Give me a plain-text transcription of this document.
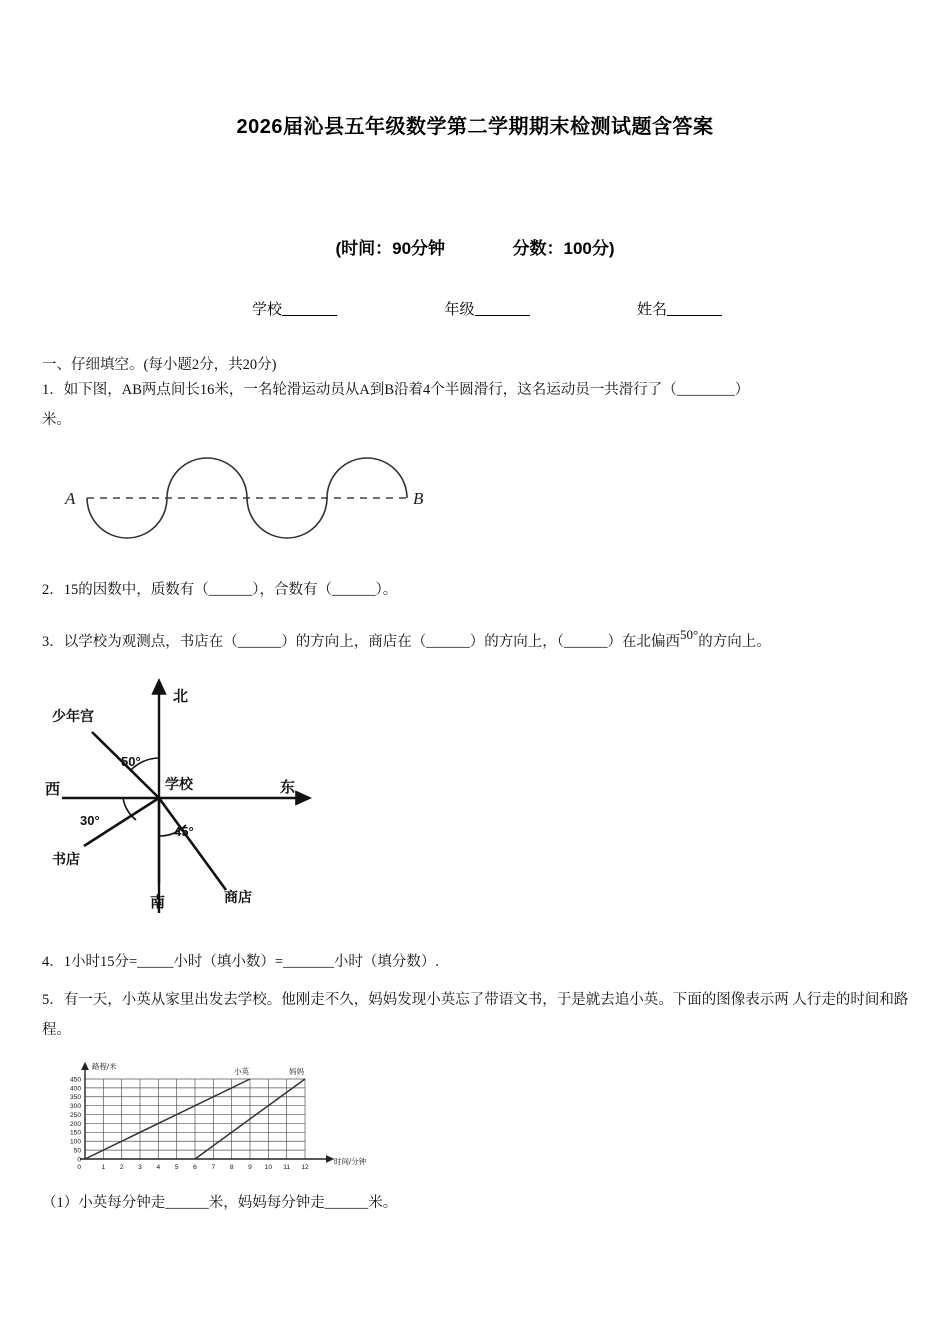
2026届沁县五年级数学第二学期期末检测试题含答案
(时间：90分钟	分数：100分)
学校	年级	姓名
一、仔细填空。(每小题2分，共20分)
1．如下图，AB两点间长16米，一名轮滑运动员从A到B沿着4个半圆滑行，这名运动员一共滑行了（________）
米。
A	B
2．15的因数中，质数有（______），合数有（______）。
3．以学校为观测点，书店在（______）的方向上，商店在（______）的方向上，（______）在北偏西50°的方向上。
北
南
西	东
学校
少年宫
书店
商店
50°
30°
45°
4．1小时15分=_____小时（填小数）=_______小时（填分数）.
5．有一天，小英从家里出发去学校。他刚走不久，妈妈发现小英忘了带语文书，于是就去追小英。下面的图像表示两 人行走的时间和路程。
路程/米
时间/分钟
小英	妈妈
0
50
100
150
200
250
300
350
400
450
0	1 2 3 4 5 6 7 8 9 10 11 12
（1）小英每分钟走______米，妈妈每分钟走______米。
